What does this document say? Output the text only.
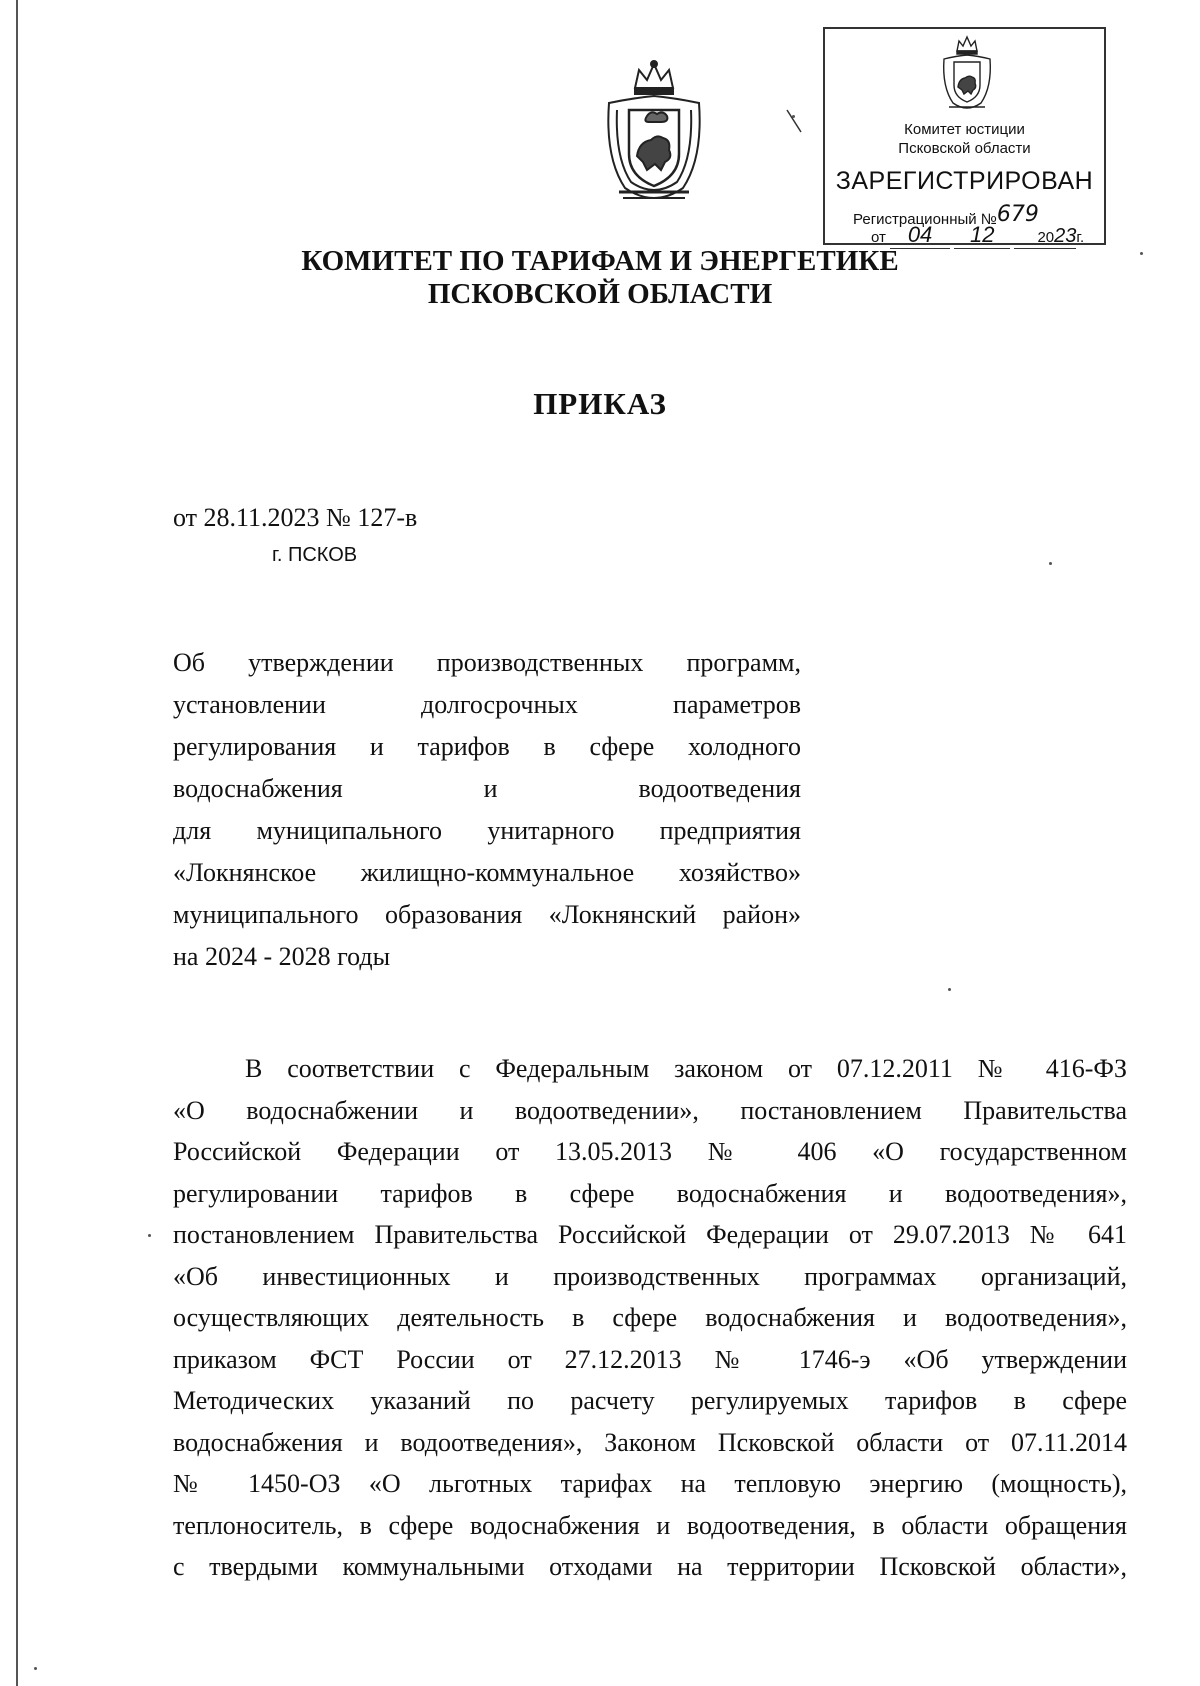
Комитет юстиции
Псковской области
ЗАРЕГИСТРИРОВАН
Регистрационный №679
от 04 12	2023г.
КОМИТЕТ ПО ТАРИФАМ И ЭНЕРГЕТИКЕ
ПСКОВСКОЙ ОБЛАСТИ
ПРИКАЗ
от 28.11.2023 № 127-в
г. ПСКОВ
Об утверждении производственных программ,
установлении долгосрочных параметров
регулирования и тарифов в сфере холодного
водоснабжения и водоотведения
для муниципального унитарного предприятия
«Локнянское жилищно-коммунальное хозяйство»
муниципального образования «Локнянский район»
на 2024 - 2028 годы
В соответствии с Федеральным законом от 07.12.2011 № 416-ФЗ
«О водоснабжении и водоотведении», постановлением Правительства
Российской Федерации от 13.05.2013 № 406 «О государственном
регулировании тарифов в сфере водоснабжения и водоотведения»,
постановлением Правительства Российской Федерации от 29.07.2013 № 641
«Об инвестиционных и производственных программах организаций,
осуществляющих деятельность в сфере водоснабжения и водоотведения»,
приказом ФСТ России от 27.12.2013 № 1746-э «Об утверждении
Методических указаний по расчету регулируемых тарифов в сфере
водоснабжения и водоотведения», Законом Псковской области от 07.11.2014
№ 1450-ОЗ «О льготных тарифах на тепловую энергию (мощность),
теплоноситель, в сфере водоснабжения и водоотведения, в области обращения
с твердыми коммунальными отходами на территории Псковской области»,
